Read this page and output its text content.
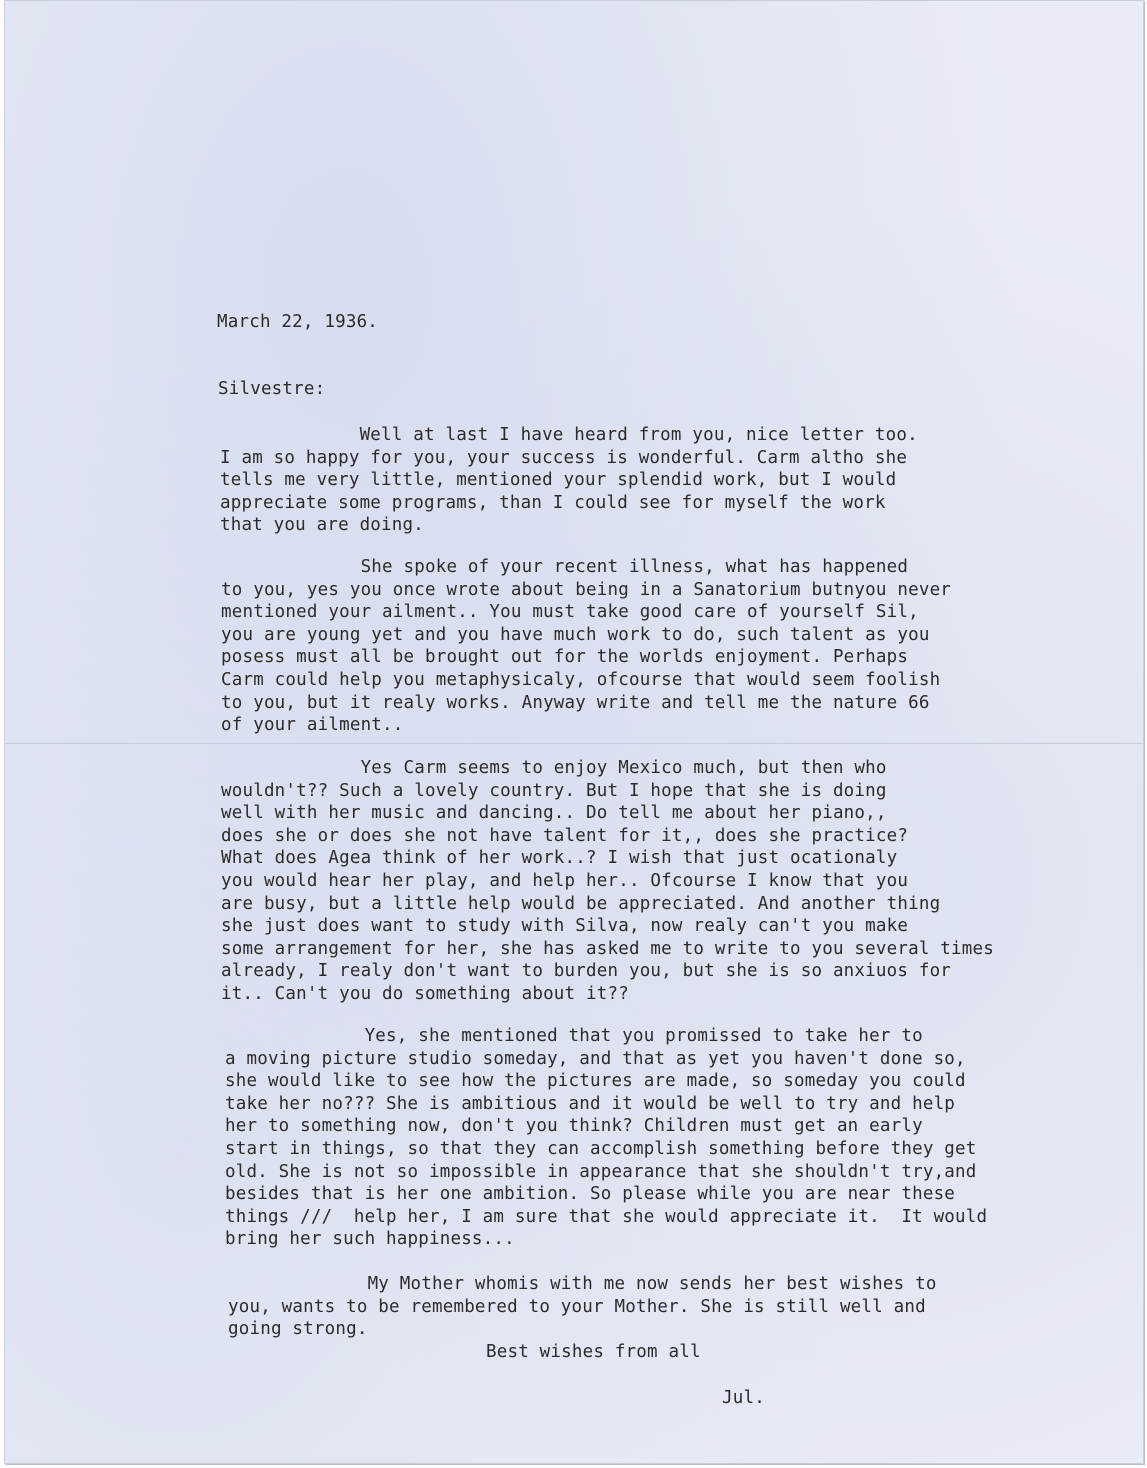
March 22, 1936.
Silvestre:
Well at last I have heard from you, nice letter too.
I am so happy for you, your success is wonderful. Carm altho she
tells me very little, mentioned your splendid work, but I would
appreciate some programs, than I could see for myself the work
that you are doing.
She spoke of your recent illness, what has happened
to you, yes you once wrote about being in a Sanatorium butnyou never
mentioned your ailment.. You must take good care of yourself Sil,
you are young yet and you have much work to do, such talent as you
posess must all be brought out for the worlds enjoyment. Perhaps
Carm could help you metaphysicaly, ofcourse that would seem foolish
to you, but it realy works. Anyway write and tell me the nature 66
of your ailment..
Yes Carm seems to enjoy Mexico much, but then who
wouldn't?? Such a lovely country. But I hope that she is doing
well with her music and dancing.. Do tell me about her piano,,
does she or does she not have talent for it,, does she practice?
What does Agea think of her work..? I wish that just ocationaly
you would hear her play, and help her.. Ofcourse I know that you
are busy, but a little help would be appreciated. And another thing
she just does want to study with Silva, now realy can't you make
some arrangement for her, she has asked me to write to you several times
already, I realy don't want to burden you, but she is so anxiuos for
it.. Can't you do something about it??
Yes, she mentioned that you promissed to take her to
a moving picture studio someday, and that as yet you haven't done so,
she would like to see how the pictures are made, so someday you could
take her no??? She is ambitious and it would be well to try and help
her to something now, don't you think? Children must get an early
start in things, so that they can accomplish something before they get
old. She is not so impossible in appearance that she shouldn't try,and
besides that is her one ambition. So please while you are near these
things ///  help her, I am sure that she would appreciate it.  It would
bring her such happiness...
My Mother whomis with me now sends her best wishes to
you, wants to be remembered to your Mother. She is still well and
going strong.
Best wishes from all
Jul.
